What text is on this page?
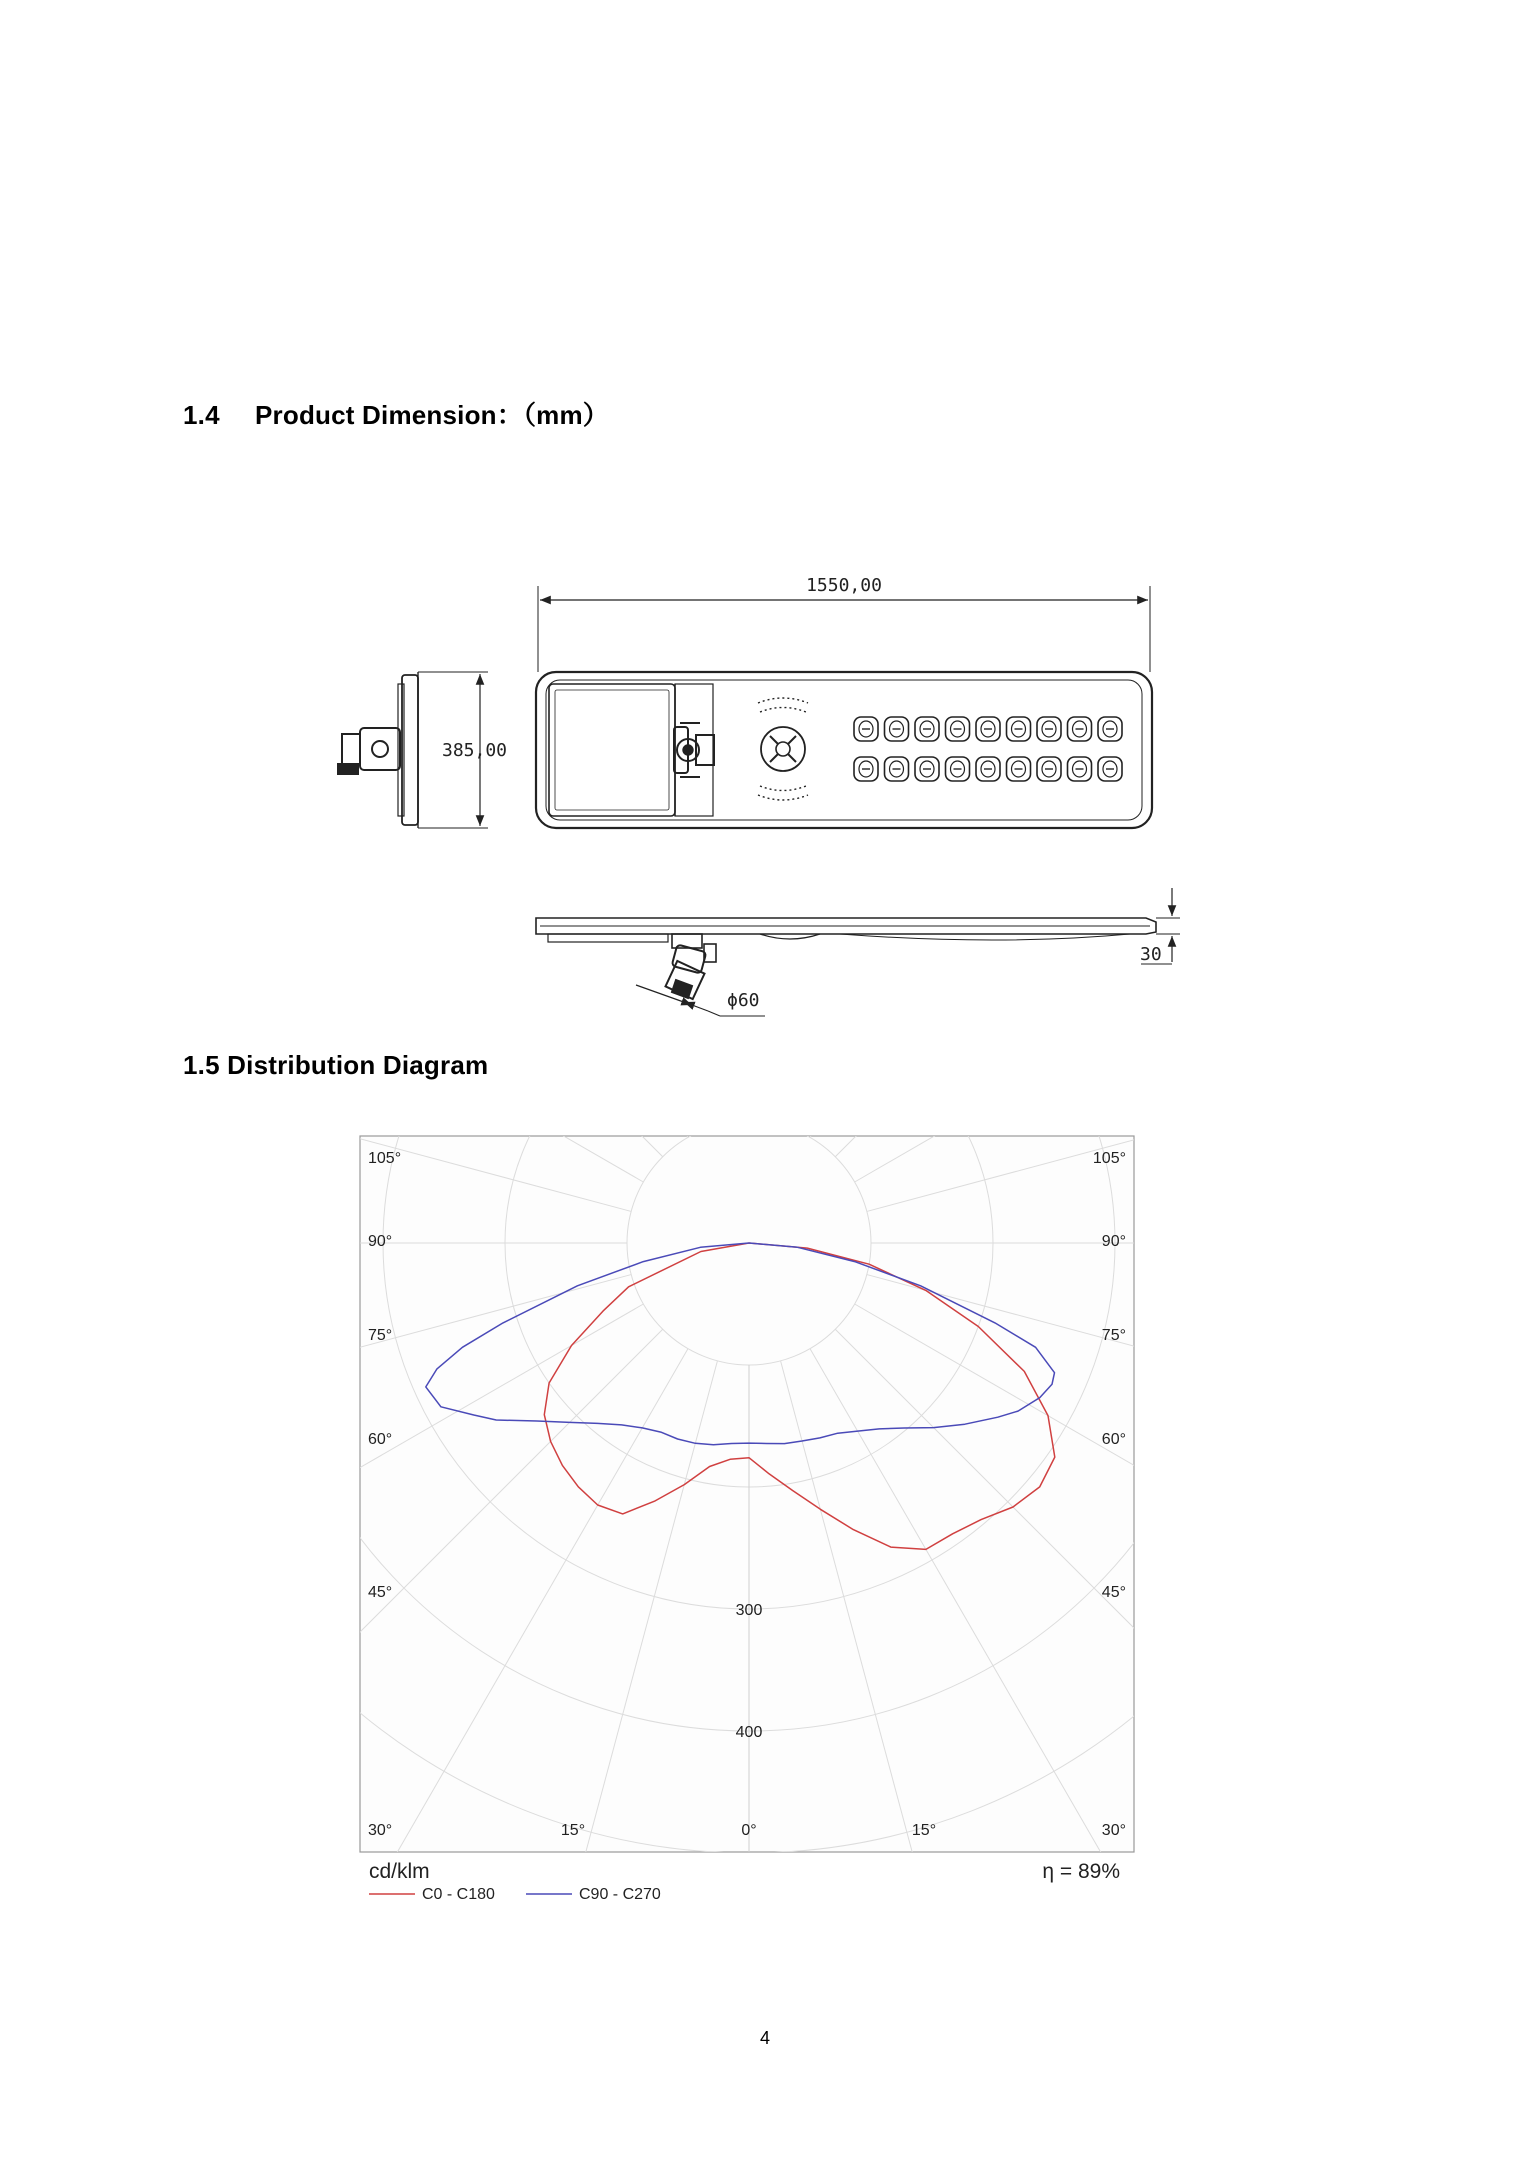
1.4 Product Dimension：（mm）
1.5 Distribution Diagram
1550,00
385,00
30
ϕ60
300
400
105°
90°
75°
60°
45°
30°
105°
90°
75°
60°
45°
30°
15°	0°	15°
cd/klm	η = 89%
C0 - C180	C90 - C270
4
